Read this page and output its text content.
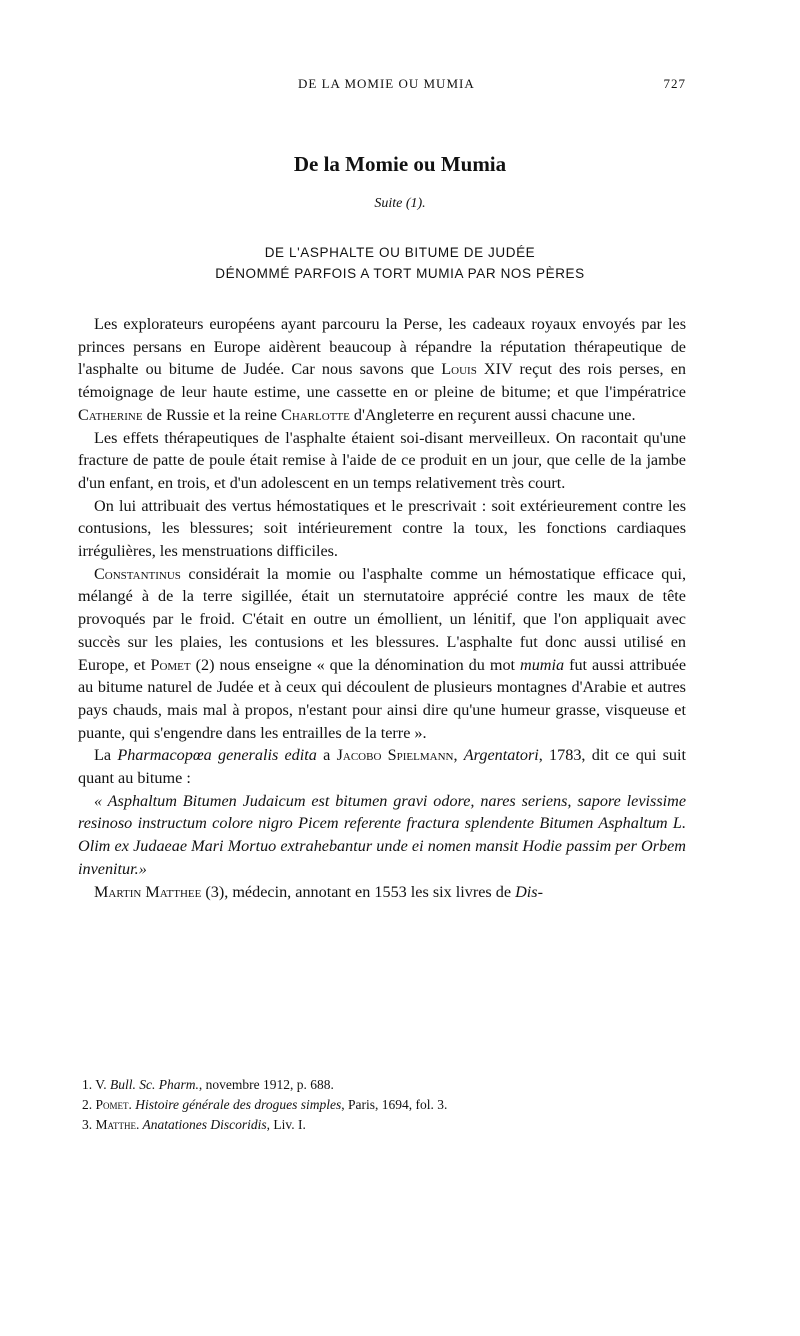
DE LA MOMIE OU MUMIA	727
De la Momie ou Mumia
Suite (1).
DE L'ASPHALTE OU BITUME DE JUDÉE
DÉNOMMÉ PARFOIS A TORT MUMIA PAR NOS PÈRES

Les explorateurs européens ayant parcouru la Perse, les cadeaux royaux envoyés par les princes persans en Europe aidèrent beaucoup à répandre la réputation thérapeutique de l'asphalte ou bitume de Judée. Car nous savons que Louis XIV reçut des rois perses, en témoignage de leur haute estime, une cassette en or pleine de bitume; et que l'impératrice Catherine de Russie et la reine Charlotte d'Angleterre en reçurent aussi chacune une.

Les effets thérapeutiques de l'asphalte étaient soi-disant merveilleux. On racontait qu'une fracture de patte de poule était remise à l'aide de ce produit en un jour, que celle de la jambe d'un enfant, en trois, et d'un adolescent en un temps relativement très court.

On lui attribuait des vertus hémostatiques et le prescrivait : soit extérieurement contre les contusions, les blessures; soit intérieurement contre la toux, les fonctions cardiaques irrégulières, les menstruations difficiles.

Constantinus considérait la momie ou l'asphalte comme un hémostatique efficace qui, mélangé à de la terre sigillée, était un sternutatoire apprécié contre les maux de tête provoqués par le froid. C'était en outre un émollient, un lénitif, que l'on appliquait avec succès sur les plaies, les contusions et les blessures. L'asphalte fut donc aussi utilisé en Europe, et Pomet (2) nous enseigne « que la dénomination du mot mumia fut aussi attribuée au bitume naturel de Judée et à ceux qui découlent de plusieurs montagnes d'Arabie et autres pays chauds, mais mal à propos, n'estant pour ainsi dire qu'une humeur grasse, visqueuse et puante, qui s'engendre dans les entrailles de la terre ».

La Pharmacopœa generalis edita a Jacobo Spielmann, Argentatori, 1783, dit ce qui suit quant au bitume :

« Asphaltum Bitumen Judaicum est bitumen gravi odore, nares seriens, sapore levissime resinoso instructum colore nigro Picem referente fractura splendente Bitumen Asphaltum L. Olim ex Judaeae Mari Mortuo extrahebantur unde ei nomen mansit Hodie passim per Orbem invenitur.»

Martin Matthee (3), médecin, annotant en 1553 les six livres de Dis-

1. V. Bull. Sc. Pharm., novembre 1912, p. 688.
2. Pomet. Histoire générale des drogues simples, Paris, 1694, fol. 3.
3. Matthe. Anatationes Discoridis, Liv. I.
